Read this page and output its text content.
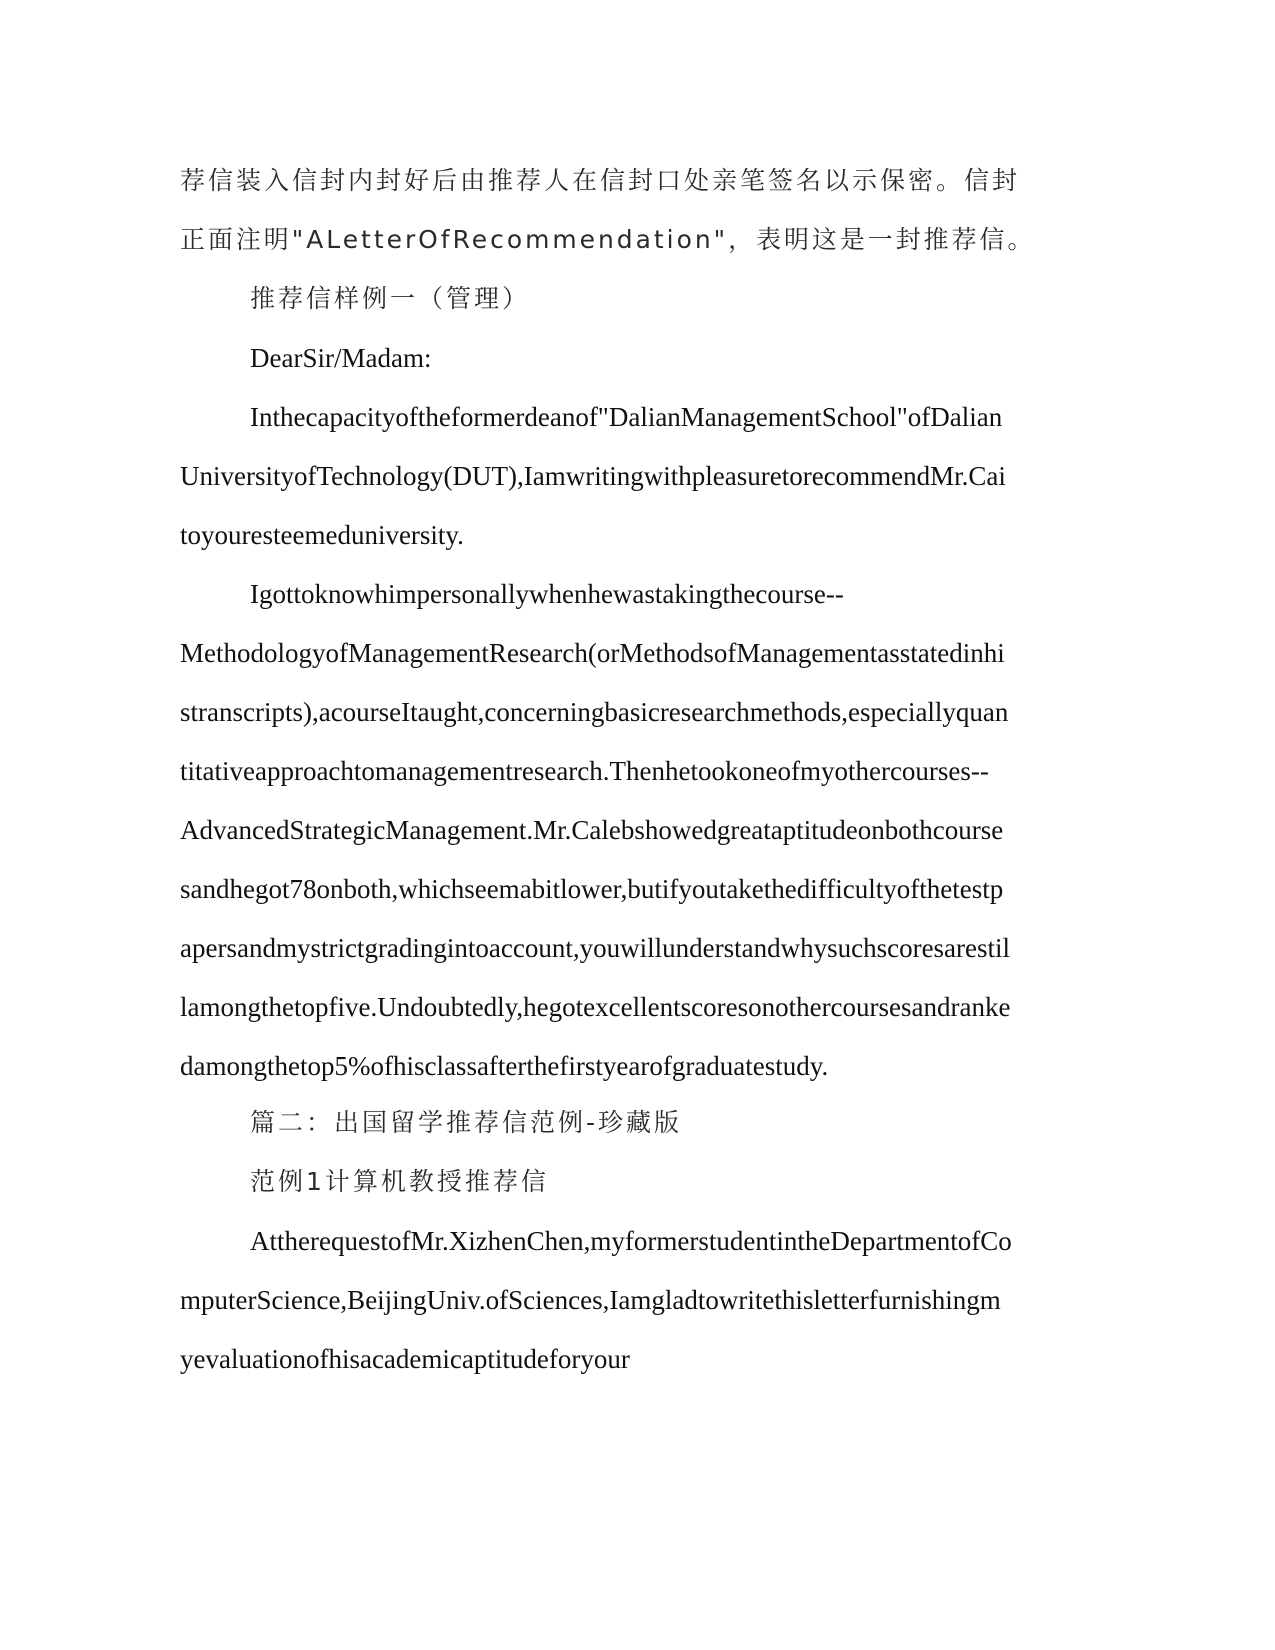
荐信装入信封内封好后由推荐人在信封口处亲笔签名以示保密。信封
正面注明"ALetterOfRecommendation"，表明这是一封推荐信。
推荐信样例一（管理）
DearSir/Madam:
Inthecapacityoftheformerdeanof"DalianManagementSchool"ofDalian
UniversityofTechnology(DUT),IamwritingwithpleasuretorecommendMr.Cai
toyouresteemeduniversity.
Igottoknowhimpersonallywhenhewastakingthecourse--
MethodologyofManagementResearch(orMethodsofManagementasstatedinhi
stranscripts),acourseItaught,concerningbasicresearchmethods,especiallyquan
titativeapproachtomanagementresearch.Thenhetookoneofmyothercourses--
AdvancedStrategicManagement.Mr.Calebshowedgreataptitudeonbothcourse
sandhegot78onboth,whichseemabitlower,butifyoutakethedifficultyofthetestp
apersandmystrictgradingintoaccount,youwillunderstandwhysuchscoresarestil
lamongthetopfive.Undoubtedly,hegotexcellentscoresonothercoursesandranke
damongthetop5%ofhisclassafterthefirstyearofgraduatestudy.
篇二：出国留学推荐信范例-珍藏版
范例1计算机教授推荐信
AttherequestofMr.XizhenChen,myformerstudentintheDepartmentofCo
mputerScience,BeijingUniv.ofSciences,Iamgladtowritethisletterfurnishingm
yevaluationofhisacademicaptitudeforyour
